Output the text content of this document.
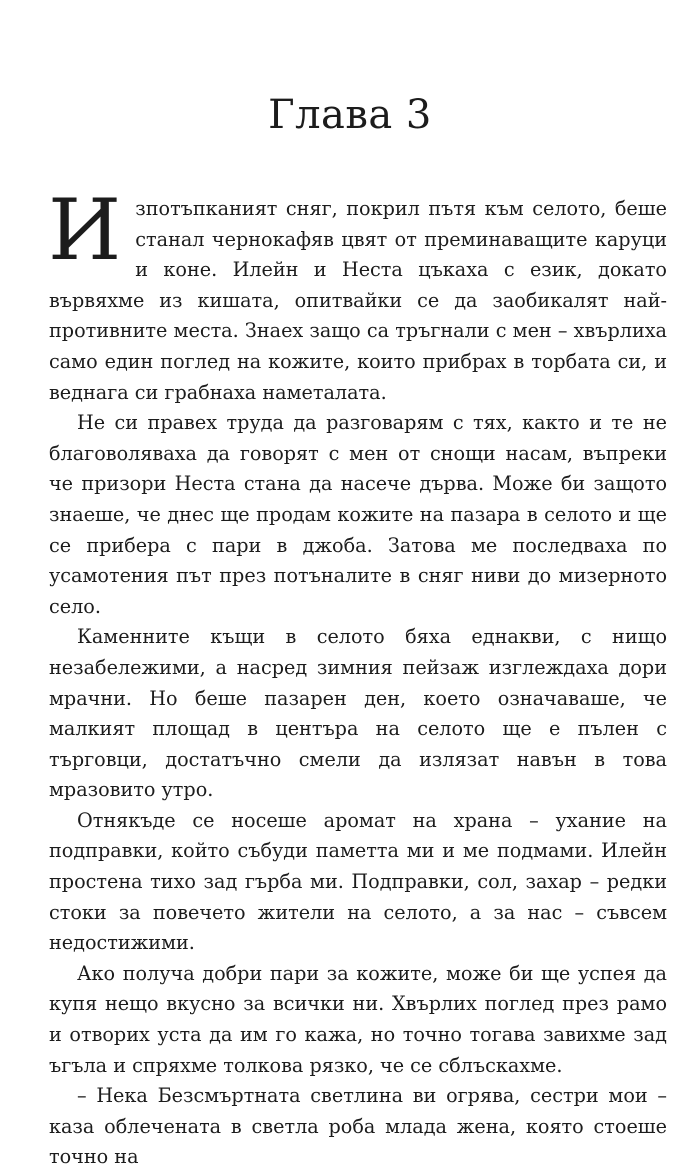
Глава 3

Изпотъпканият сняг, покрил пътя към селото, беше станал чернокафяв цвят от преминаващите каруци и коне. Илейн и Неста цъкаха с език, докато вървяхме из кишата, опитвайки се да заобикалят най-противните места. Знаех защо са тръгнали с мен – хвърлиха само един поглед на кожите, които прибрах в торбата си, и веднага си грабнаха наметалата.

Не си правех труда да разговарям с тях, както и те не благоволяваха да говорят с мен от снощи насам, въпреки че призори Неста стана да насече дърва. Може би защото знаеше, че днес ще продам кожите на пазара в селото и ще се прибера с пари в джоба. Затова ме последваха по усамотения път през потъналите в сняг ниви до мизерното село.

Каменните къщи в селото бяха еднакви, с нищо незабележими, а насред зимния пейзаж изглеждаха дори мрачни. Но беше пазарен ден, което означаваше, че малкият площад в центъра на селото ще е пълен с търговци, достатъчно смели да излязат навън в това мразовито утро.

Отнякъде се носеше аромат на храна – ухание на подправки, който събуди паметта ми и ме подмами. Илейн простена тихо зад гърба ми. Подправки, сол, захар – редки стоки за повечето жители на селото, а за нас – съвсем недостижими.

Ако получа добри пари за кожите, може би ще успея да купя нещо вкусно за всички ни. Хвърлих поглед през рамо и отворих уста да им го кажа, но точно тогава завихме зад ъгъла и спряхме толкова рязко, че се сблъскахме.

– Нека Безсмъртната светлина ви огрява, сестри мои – каза облечената в светла роба млада жена, която стоеше точно на
